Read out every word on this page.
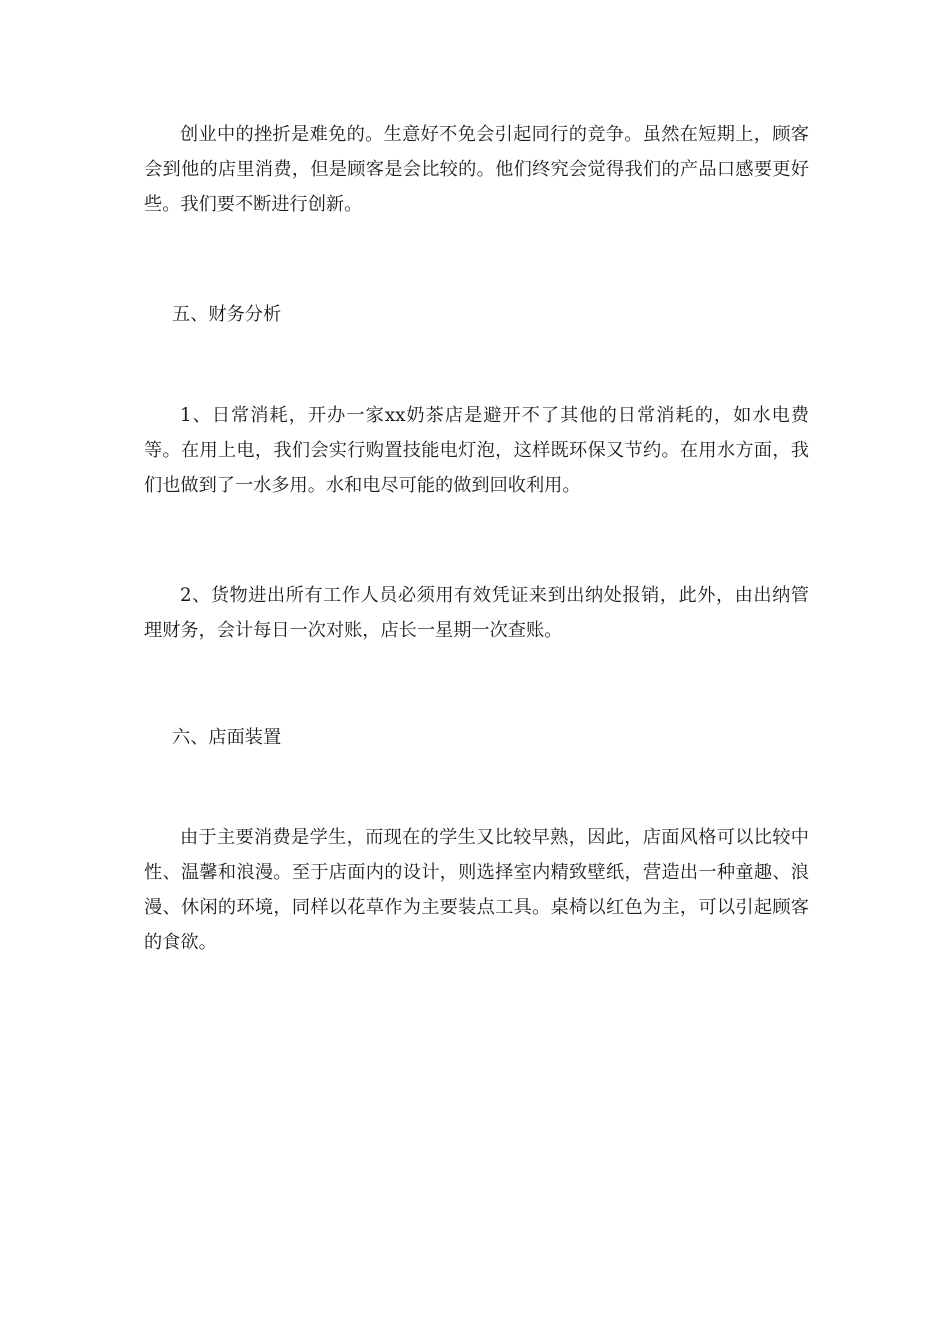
创业中的挫折是难免的。生意好不免会引起同行的竞争。虽然在短期上，顾客会到他的店里消费，但是顾客是会比较的。他们终究会觉得我们的产品口感要更好些。我们要不断进行创新。

五、财务分析

1、日常消耗，开办一家xx奶茶店是避开不了其他的日常消耗的，如水电费等。在用上电，我们会实行购置技能电灯泡，这样既环保又节约。在用水方面，我们也做到了一水多用。水和电尽可能的做到回收利用。

2、货物进出所有工作人员必须用有效凭证来到出纳处报销，此外，由出纳管理财务，会计每日一次对账，店长一星期一次查账。

六、店面装置

由于主要消费是学生，而现在的学生又比较早熟，因此，店面风格可以比较中性、温馨和浪漫。至于店面内的设计，则选择室内精致壁纸，营造出一种童趣、浪漫、休闲的环境，同样以花草作为主要装点工具。桌椅以红色为主，可以引起顾客的食欲。
